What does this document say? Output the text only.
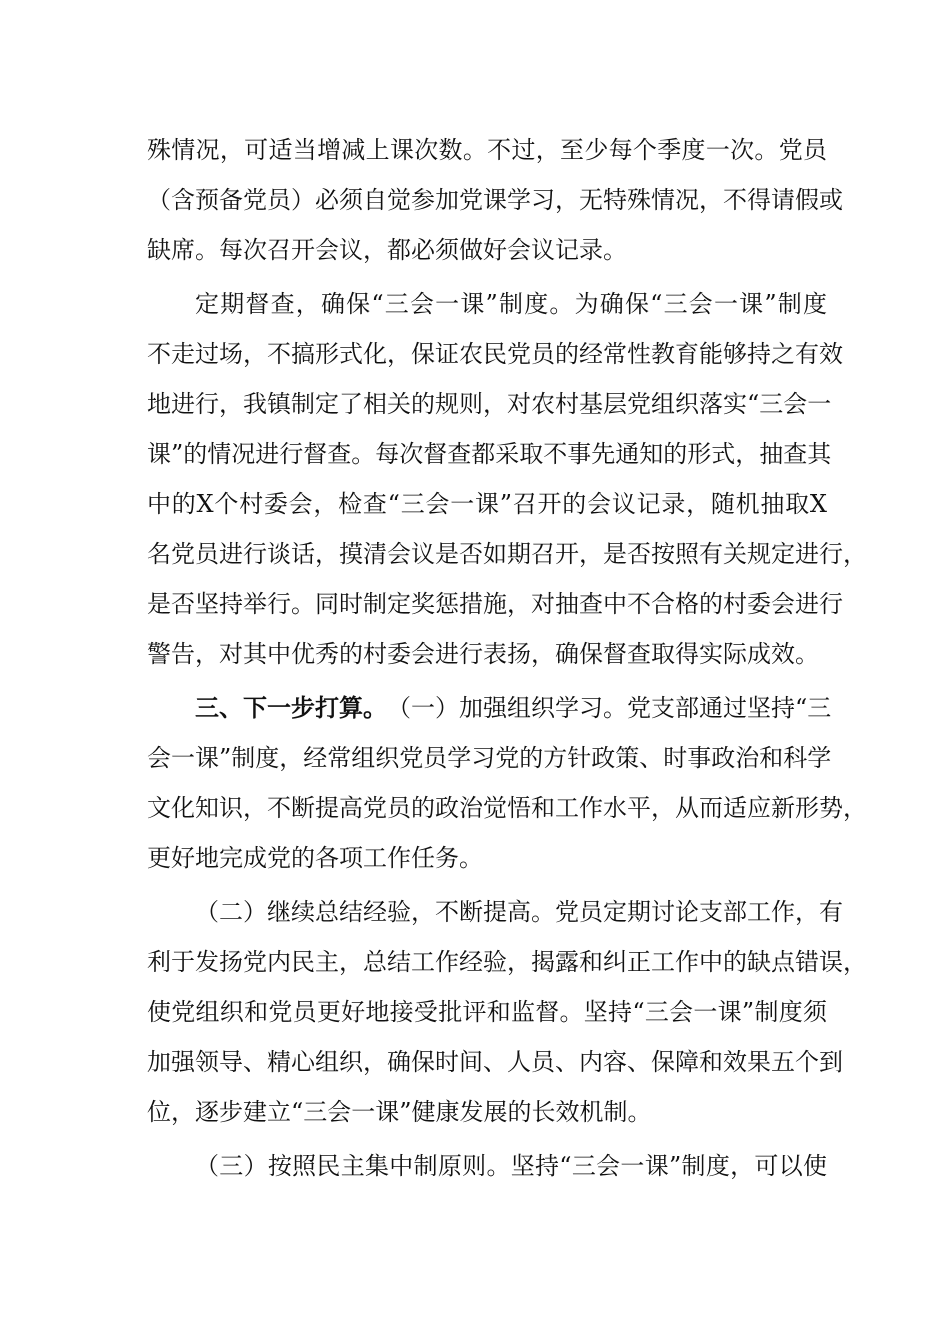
殊情况，可适当增减上课次数。不过，至少每个季度一次。党员
（含预备党员）必须自觉参加党课学习，无特殊情况，不得请假或
缺席。每次召开会议，都必须做好会议记录。
定期督查，确保“三会一课”制度。为确保“三会一课”制度
不走过场，不搞形式化，保证农民党员的经常性教育能够持之有效
地进行，我镇制定了相关的规则，对农村基层党组织落实“三会一
课”的情况进行督查。每次督查都采取不事先通知的形式，抽查其
中的X个村委会，检查“三会一课”召开的会议记录，随机抽取X
名党员进行谈话，摸清会议是否如期召开，是否按照有关规定进行，
是否坚持举行。同时制定奖惩措施，对抽查中不合格的村委会进行
警告，对其中优秀的村委会进行表扬，确保督查取得实际成效。
三、下一步打算。 （一）加强组织学习。党支部通过坚持“三
会一课”制度，经常组织党员学习党的方针政策、时事政治和科学
文化知识，不断提高党员的政治觉悟和工作水平，从而适应新形势，
更好地完成党的各项工作任务。
（二）继续总结经验，不断提高。党员定期讨论支部工作，有
利于发扬党内民主，总结工作经验，揭露和纠正工作中的缺点错误，
使党组织和党员更好地接受批评和监督。坚持“三会一课”制度须
加强领导、精心组织，确保时间、人员、内容、保障和效果五个到
位，逐步建立“三会一课”健康发展的长效机制。
（三）按照民主集中制原则。坚持“三会一课”制度，可以使
